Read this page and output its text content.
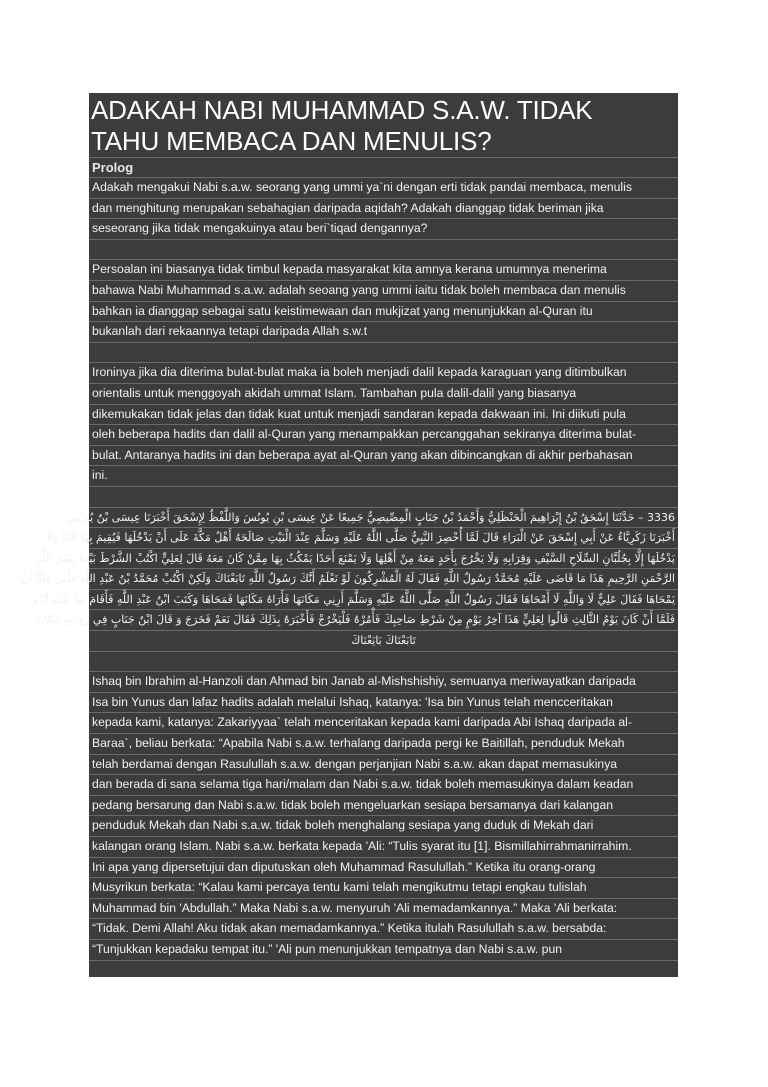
ADAKAH NABI MUHAMMAD S.A.W. TIDAK
TAHU MEMBACA DAN MENULIS?
Prolog
Adakah mengakui Nabi s.a.w. seorang yang ummi ya`ni dengan erti tidak pandai membaca, menulis
dan menghitung merupakan sebahagian daripada aqidah? Adakah dianggap tidak beriman jika
seseorang jika tidak mengakuinya atau beri`tiqad dengannya?
Persoalan ini biasanya tidak timbul kepada masyarakat kita amnya kerana umumnya menerima
bahawa Nabi Muhammad s.a.w. adalah seoang yang ummi iaitu tidak boleh membaca dan menulis
bahkan ia dianggap sebagai satu keistimewaan dan mukjizat yang menunjukkan al-Quran itu
bukanlah dari rekaannya tetapi daripada Allah s.w.t
Ironinya jika dia diterima bulat-bulat maka ia boleh menjadi dalil kepada karaguan yang ditimbulkan
orientalis untuk menggoyah akidah ummat Islam. Tambahan pula dalil-dalil yang biasanya
dikemukakan tidak jelas dan tidak kuat untuk menjadi sandaran kepada dakwaan ini. Ini diikuti pula
oleh beberapa hadits dan dalil al-Quran yang menampakkan percanggahan sekiranya diterima bulat-
bulat. Antaranya hadits ini dan beberapa ayat al-Quran yang akan dibincangkan di akhir perbahasan
ini.
3336 – حَدَّثَنَا إِسْحَقُ بْنُ إِبْرَاهِيمَ الْحَنْظَلِيُّ وَأَحْمَدُ بْنُ جَنَابٍ الْمِصِّيصِيُّ جَمِيعًا عَنْ عِيسَى بْنِ يُونُسَ وَاللَّفْظُ لِإِسْحَقَ أَخْبَرَنَا عِيسَى بْنُ يُونُسَ
أَخْبَرَنَا زَكَرِيَّاءُ عَنْ أَبِي إِسْحَقَ عَنْ الْبَرَاءِ قَالَ لَمَّا أُحْصِرَ النَّبِيُّ صَلَّى اللَّهُ عَلَيْهِ وَسَلَّمَ عِنْدَ الْبَيْتِ صَالَحَهُ أَهْلُ مَكَّةَ عَلَى أَنْ يَدْخُلَهَا فَيُقِيمَ بِهَا ثَلَاثًا وَلَا
يَدْخُلَهَا إِلَّا بِجُلُبَّانِ السِّلَاحِ السَّيْفِ وَقِرَابِهِ وَلَا يَخْرُجَ بِأَحَدٍ مَعَهُ مِنْ أَهْلِهَا وَلَا يَمْنَعَ أَحَدًا يَمْكُثُ بِهَا مِمَّنْ كَانَ مَعَهُ قَالَ لِعَلِيٍّ اكْتُبْ الشَّرْطَ بَيْنَنَا بِسْمِ اللَّهِ
الرَّحْمَنِ الرَّحِيمِ هَذَا مَا قَاضَى عَلَيْهِ مُحَمَّدٌ رَسُولُ اللَّهِ فَقَالَ لَهُ الْمُشْرِكُونَ لَوْ نَعْلَمُ أَنَّكَ رَسُولُ اللَّهِ تَابَعْنَاكَ وَلَكِنْ اكْتُبْ مُحَمَّدُ بْنُ عَبْدِ اللَّهِ فَأَمَرَ عَلِيًّا أَنْ
يَمْحَاهَا فَقَالَ عَلِيٌّ لَا وَاللَّهِ لَا أَمْحَاهَا فَقَالَ رَسُولُ اللَّهِ صَلَّى اللَّهُ عَلَيْهِ وَسَلَّمَ أَرِنِي مَكَانَهَا فَأَرَاهُ مَكَانَهَا فَمَحَاهَا وَكَتَبَ ابْنُ عَبْدِ اللَّهِ فَأَقَامَ بِهَا ثَلَاثَةَ أَيَّامٍ
فَلَمَّا أَنْ كَانَ يَوْمُ الثَّالِثِ قَالُوا لِعَلِيٍّ هَذَا آخِرُ يَوْمٍ مِنْ شَرْطِ صَاحِبِكَ فَأْمُرْهُ فَلْيَخْرُجْ فَأَخْبَرَهُ بِذَلِكَ فَقَالَ نَعَمْ فَخَرَجَ وَ قَالَ ابْنُ جَنَابٍ فِي رِوَايَتِهِ مَكَانَ
تَابَعْنَاكَ بَايَعْنَاكَ
Ishaq bin Ibrahim al-Hanzoli dan Ahmad bin Janab al-Mishshishiy, semuanya meriwayatkan daripada
Isa bin Yunus dan lafaz hadits adalah melalui Ishaq, katanya: 'Isa bin Yunus telah mencceritakan
kepada kami, katanya: Zakariyyaa` telah menceritakan kepada kami daripada Abi Ishaq daripada al-
Baraa`, beliau berkata: “Apabila Nabi s.a.w. terhalang daripada pergi ke Baitillah, penduduk Mekah
telah berdamai dengan Rasulullah s.a.w. dengan perjanjian Nabi s.a.w. akan dapat memasukinya
dan berada di sana selama tiga hari/malam dan Nabi s.a.w. tidak boleh memasukinya dalam keadan
pedang bersarung dan Nabi s.a.w. tidak boleh mengeluarkan sesiapa bersamanya dari kalangan
penduduk Mekah dan Nabi s.a.w. tidak boleh menghalang sesiapa yang duduk di Mekah dari
kalangan orang Islam. Nabi s.a.w. berkata kepada 'Ali: “Tulis syarat itu [1]. Bismillahirrahmanirrahim.
Ini apa yang dipersetujui dan diputuskan oleh Muhammad Rasulullah.” Ketika itu orang-orang
Musyrikun berkata: “Kalau kami percaya tentu kami telah mengikutmu tetapi engkau tulislah
Muhammad bin 'Abdullah.” Maka Nabi s.a.w. menyuruh 'Ali memadamkannya.” Maka 'Ali berkata:
“Tidak. Demi Allah! Aku tidak akan memadamkannya.” Ketika itulah Rasulullah s.a.w. bersabda:
“Tunjukkan kepadaku tempat itu.” 'Ali pun menunjukkan tempatnya dan Nabi s.a.w. pun
